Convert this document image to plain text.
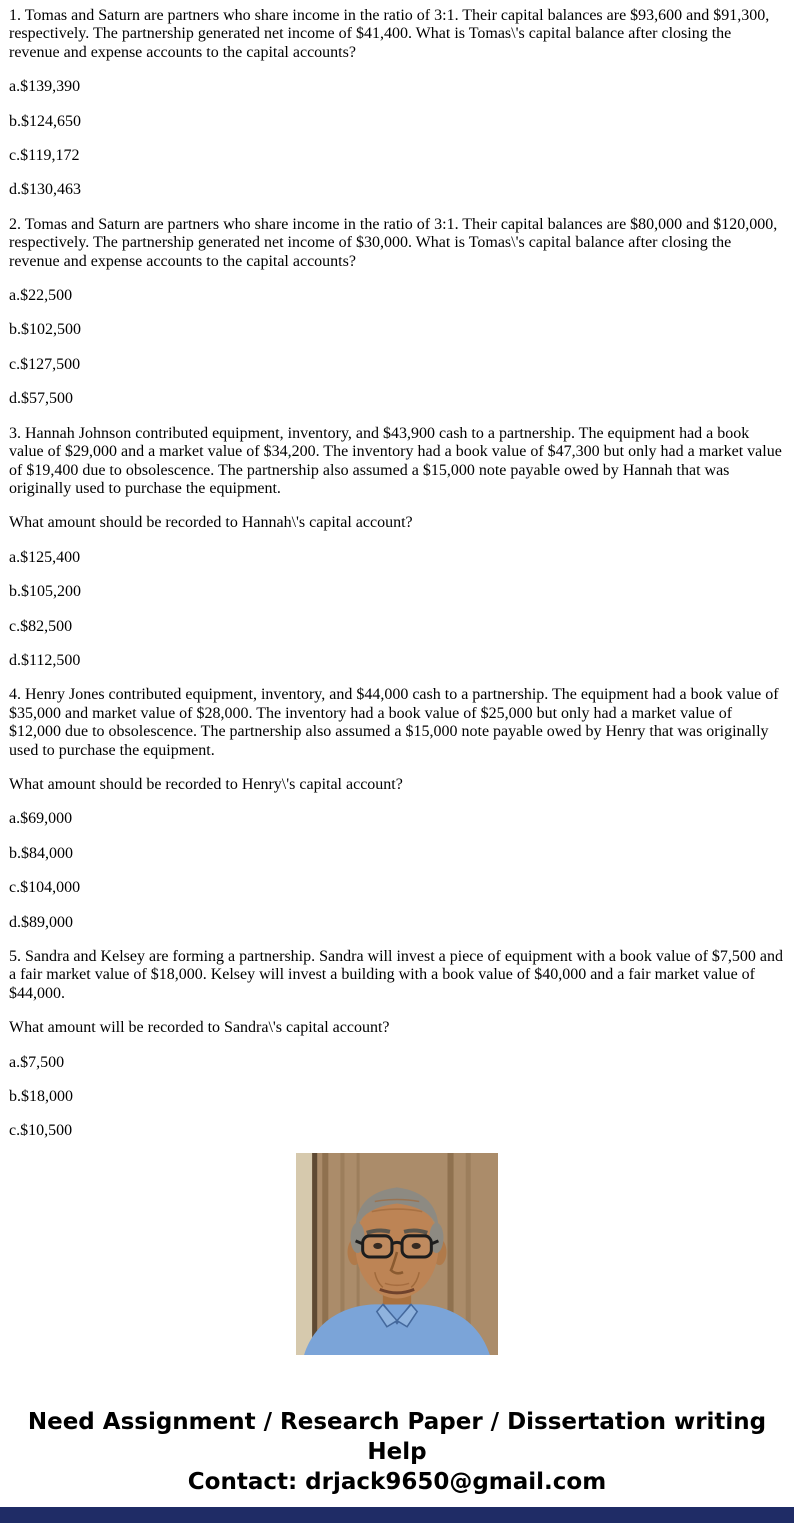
1. Tomas and Saturn are partners who share income in the ratio of 3:1. Their capital balances are $93,600 and $91,300, respectively. The partnership generated net income of $41,400. What is Tomas\'s capital balance after closing the revenue and expense accounts to the capital accounts?

a.$139,390

b.$124,650

c.$119,172

d.$130,463

2. Tomas and Saturn are partners who share income in the ratio of 3:1. Their capital balances are $80,000 and $120,000, respectively. The partnership generated net income of $30,000. What is Tomas\'s capital balance after closing the revenue and expense accounts to the capital accounts?

a.$22,500

b.$102,500

c.$127,500

d.$57,500

3. Hannah Johnson contributed equipment, inventory, and $43,900 cash to a partnership. The equipment had a book value of $29,000 and a market value of $34,200. The inventory had a book value of $47,300 but only had a market value of $19,400 due to obsolescence. The partnership also assumed a $15,000 note payable owed by Hannah that was originally used to purchase the equipment.

What amount should be recorded to Hannah\'s capital account?

a.$125,400

b.$105,200

c.$82,500

d.$112,500

4. Henry Jones contributed equipment, inventory, and $44,000 cash to a partnership. The equipment had a book value of $35,000 and market value of $28,000. The inventory had a book value of $25,000 but only had a market value of $12,000 due to obsolescence. The partnership also assumed a $15,000 note payable owed by Henry that was originally used to purchase the equipment.

What amount should be recorded to Henry\'s capital account?

a.$69,000

b.$84,000

c.$104,000

d.$89,000

5. Sandra and Kelsey are forming a partnership. Sandra will invest a piece of equipment with a book value of $7,500 and a fair market value of $18,000. Kelsey will invest a building with a book value of $40,000 and a fair market value of $44,000.

What amount will be recorded to Sandra\'s capital account?

a.$7,500

b.$18,000

c.$10,500

Need Assignment / Research Paper / Dissertation writing Help
Contact: drjack9650@gmail.com
